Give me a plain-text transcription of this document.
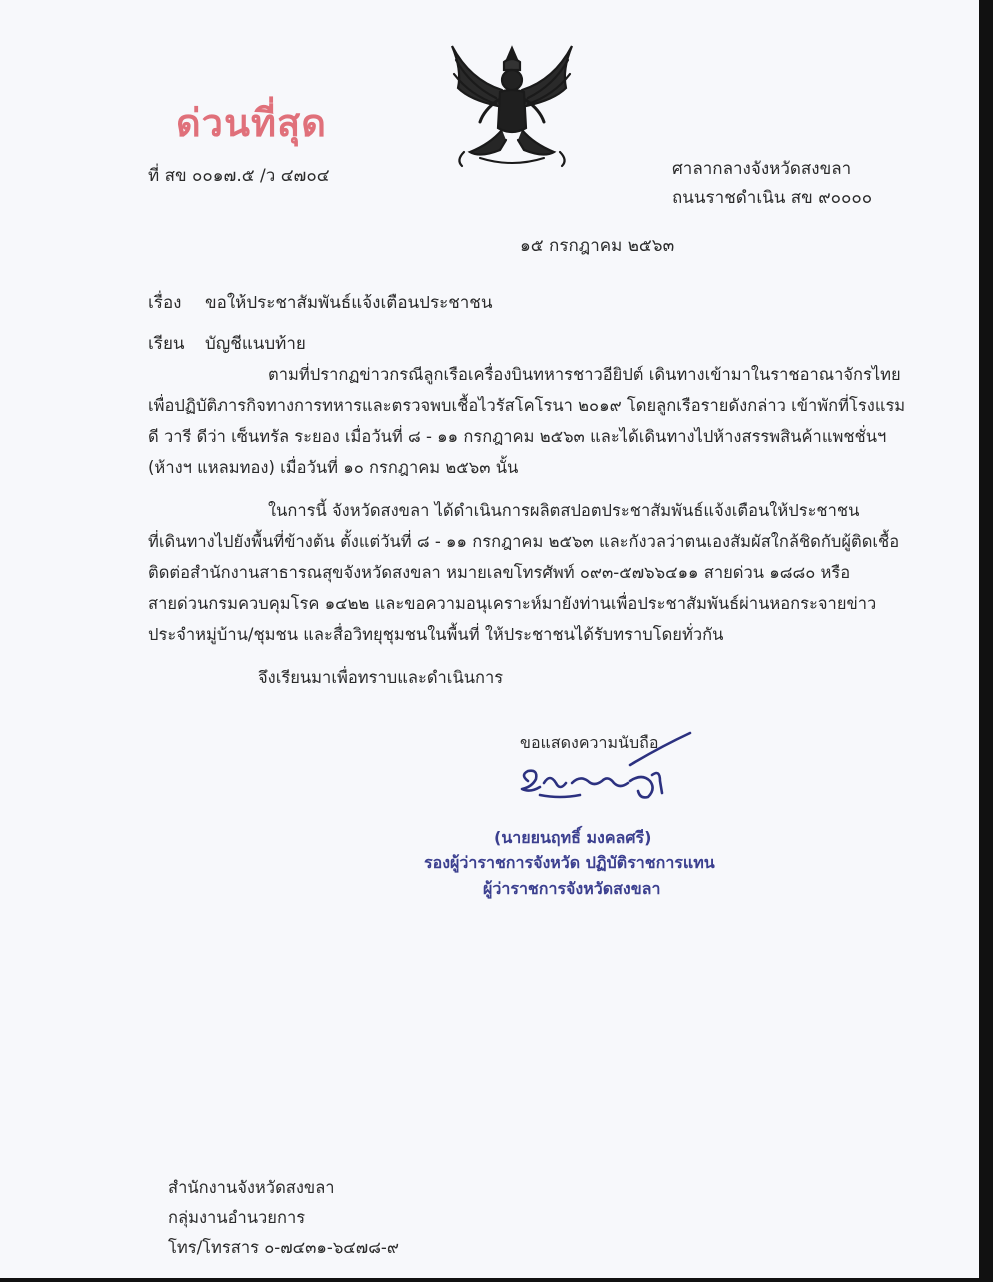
ด่วนที่สุด
ที่ สข ๐๐๑๗.๕ /ว ๔๗๐๔	ศาลากลางจังหวัดสงขลา
ถนนราชดำเนิน สข ๙๐๐๐๐
๑๕ กรกฎาคม ๒๕๖๓
เรื่อง ขอให้ประชาสัมพันธ์แจ้งเตือนประชาชน
เรียน บัญชีแนบท้าย
ตามที่ปรากฏข่าวกรณีลูกเรือเครื่องบินทหารชาวอียิปต์ เดินทางเข้ามาในราชอาณาจักรไทย
เพื่อปฏิบัติภารกิจทางการทหารและตรวจพบเชื้อไวรัสโคโรนา ๒๐๑๙ โดยลูกเรือรายดังกล่าว เข้าพักที่โรงแรม
ดี วารี ดีว่า เซ็นทรัล ระยอง เมื่อวันที่ ๘ - ๑๑ กรกฎาคม ๒๕๖๓ และได้เดินทางไปห้างสรรพสินค้าแพชชั่นฯ
(ห้างฯ แหลมทอง) เมื่อวันที่ ๑๐ กรกฎาคม ๒๕๖๓ นั้น
ในการนี้ จังหวัดสงขลา ได้ดำเนินการผลิตสปอตประชาสัมพันธ์แจ้งเตือนให้ประชาชน
ที่เดินทางไปยังพื้นที่ข้างต้น ตั้งแต่วันที่ ๘ - ๑๑ กรกฎาคม ๒๕๖๓ และกังวลว่าตนเองสัมผัสใกล้ชิดกับผู้ติดเชื้อ
ติดต่อสำนักงานสาธารณสุขจังหวัดสงขลา หมายเลขโทรศัพท์ ๐๙๓-๕๗๖๖๔๑๑ สายด่วน ๑๘๘๐ หรือ
สายด่วนกรมควบคุมโรค ๑๔๒๒ และขอความอนุเคราะห์มายังท่านเพื่อประชาสัมพันธ์ผ่านหอกระจายข่าว
ประจำหมู่บ้าน/ชุมชน และสื่อวิทยุชุมชนในพื้นที่ ให้ประชาชนได้รับทราบโดยทั่วกัน
จึงเรียนมาเพื่อทราบและดำเนินการ
ขอแสดงความนับถือ
(นายยนฤทธิ์ มงคลศรี)
รองผู้ว่าราชการจังหวัด ปฏิบัติราชการแทน
ผู้ว่าราชการจังหวัดสงขลา
สำนักงานจังหวัดสงขลา
กลุ่มงานอำนวยการ
โทร/โทรสาร ๐-๗๔๓๑-๖๔๗๘-๙
